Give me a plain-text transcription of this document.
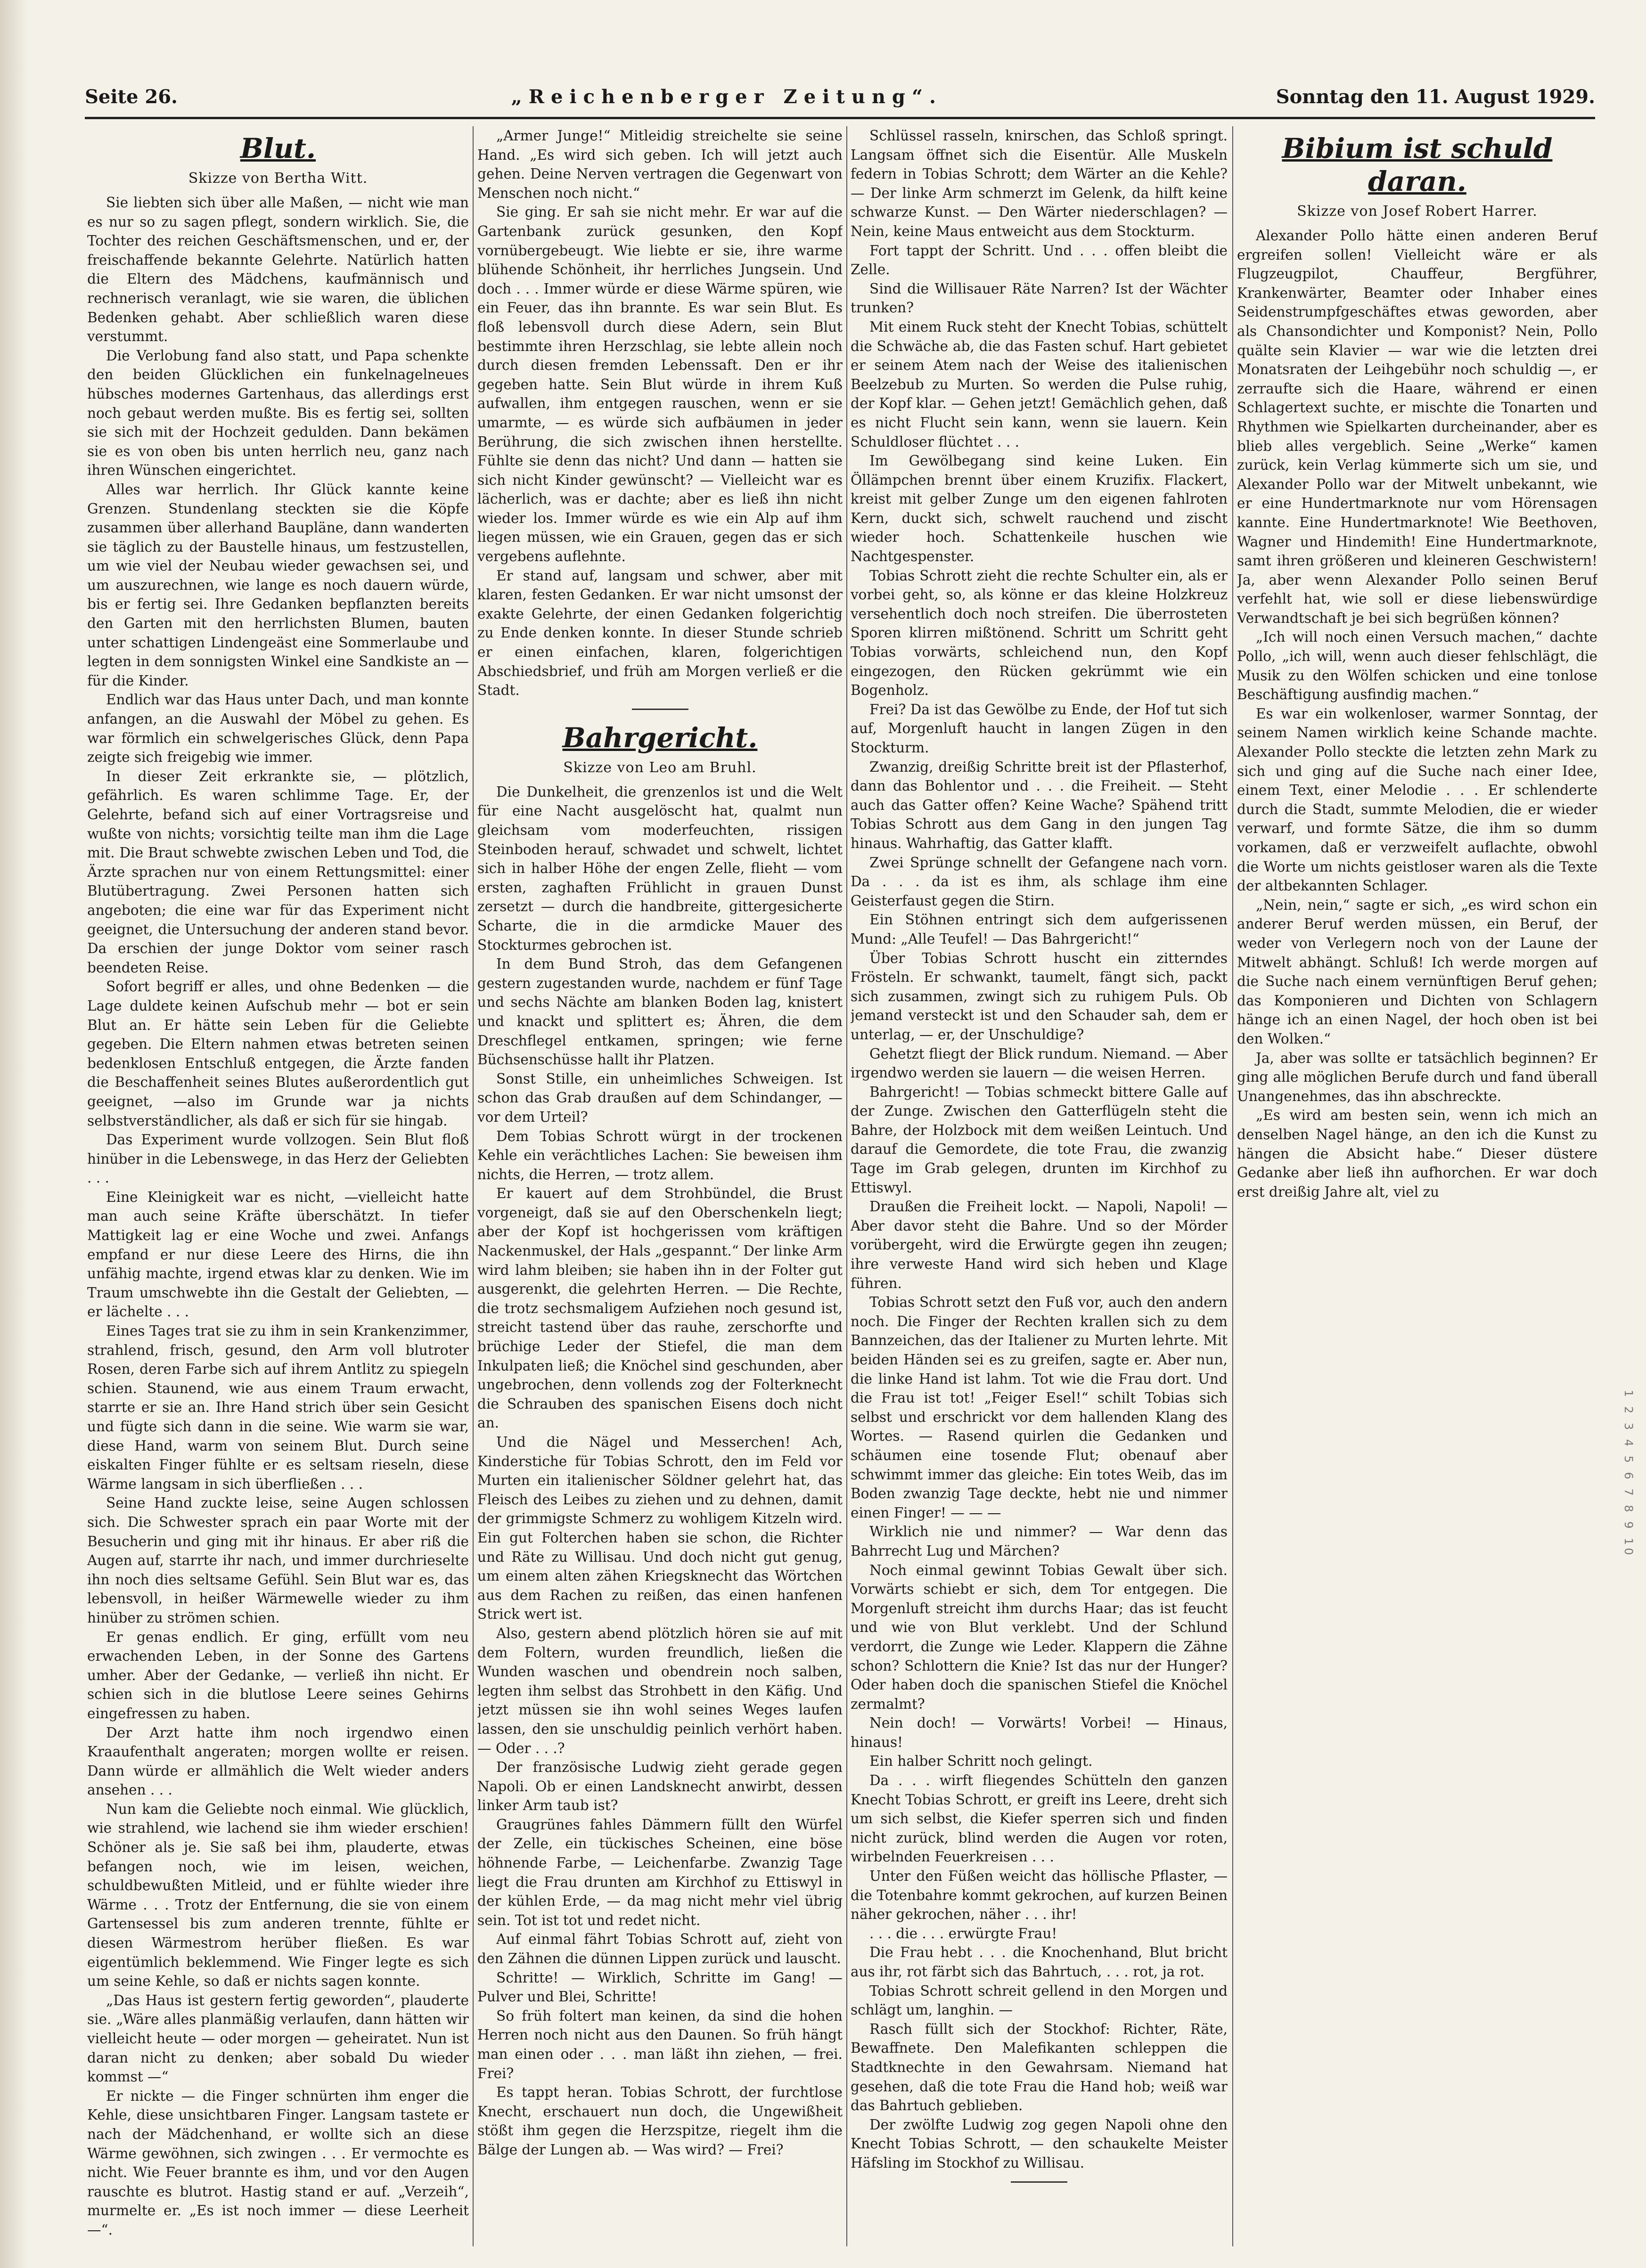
Seite 26.	„Reichenberger Zeitung“.	Sonntag den 11. August 1929.
Blut.
Skizze von Bertha Witt.

Sie liebten sich über alle Maßen, — nicht wie man es nur so zu sagen pflegt, sondern wirklich. Sie, die Tochter des reichen Geschäftsmenschen, und er, der freischaffende bekannte Gelehrte. Natürlich hatten die Eltern des Mädchens, kaufmännisch und rechnerisch veranlagt, wie sie waren, die üblichen Bedenken gehabt. Aber schließlich waren diese verstummt.

Die Verlobung fand also statt, und Papa schenkte den beiden Glücklichen ein funkelnagelneues hübsches modernes Gartenhaus, das allerdings erst noch gebaut werden mußte. Bis es fertig sei, sollten sie sich mit der Hochzeit gedulden. Dann bekämen sie es von oben bis unten herrlich neu, ganz nach ihren Wünschen eingerichtet.

Alles war herrlich. Ihr Glück kannte keine Grenzen. Stundenlang steckten sie die Köpfe zusammen über allerhand Baupläne, dann wanderten sie täglich zu der Baustelle hinaus, um festzustellen, um wie viel der Neubau wieder gewachsen sei, und um auszurechnen, wie lange es noch dauern würde, bis er fertig sei. Ihre Gedanken bepflanzten bereits den Garten mit den herrlichsten Blumen, bauten unter schattigen Lindengeäst eine Sommerlaube und legten in dem sonnigsten Winkel eine Sandkiste an — für die Kinder.

Endlich war das Haus unter Dach, und man konnte anfangen, an die Auswahl der Möbel zu gehen. Es war förmlich ein schwelgerisches Glück, denn Papa zeigte sich freigebig wie immer.

In dieser Zeit erkrankte sie, — plötzlich, gefährlich. Es waren schlimme Tage. Er, der Gelehrte, befand sich auf einer Vortragsreise und wußte von nichts; vorsichtig teilte man ihm die Lage mit. Die Braut schwebte zwischen Leben und Tod, die Ärzte sprachen nur von einem Rettungsmittel: einer Blutübertragung. Zwei Personen hatten sich angeboten; die eine war für das Experiment nicht geeignet, die Untersuchung der anderen stand bevor. Da erschien der junge Doktor vom seiner rasch beendeten Reise.

Sofort begriff er alles, und ohne Bedenken — die Lage duldete keinen Aufschub mehr — bot er sein Blut an. Er hätte sein Leben für die Geliebte gegeben. Die Eltern nahmen etwas betreten seinen bedenklosen Entschluß entgegen, die Ärzte fanden die Beschaffenheit seines Blutes außerordentlich gut geeignet, —also im Grunde war ja nichts selbstverständlicher, als daß er sich für sie hingab.

Das Experiment wurde vollzogen. Sein Blut floß hinüber in die Lebenswege, in das Herz der Geliebten . . .

Eine Kleinigkeit war es nicht, —vielleicht hatte man auch seine Kräfte überschätzt. In tiefer Mattigkeit lag er eine Woche und zwei. Anfangs empfand er nur diese Leere des Hirns, die ihn unfähig machte, irgend etwas klar zu denken. Wie im Traum umschwebte ihn die Gestalt der Geliebten, — er lächelte . . .

Eines Tages trat sie zu ihm in sein Krankenzimmer, strahlend, frisch, gesund, den Arm voll blutroter Rosen, deren Farbe sich auf ihrem Antlitz zu spiegeln schien. Staunend, wie aus einem Traum erwacht, starrte er sie an. Ihre Hand strich über sein Gesicht und fügte sich dann in die seine. Wie warm sie war, diese Hand, warm von seinem Blut. Durch seine eiskalten Finger fühlte er es seltsam rieseln, diese Wärme langsam in sich überfließen . . .

Seine Hand zuckte leise, seine Augen schlossen sich. Die Schwester sprach ein paar Worte mit der Besucherin und ging mit ihr hinaus. Er aber riß die Augen auf, starrte ihr nach, und immer durchrieselte ihn noch dies seltsame Gefühl. Sein Blut war es, das lebensvoll, in heißer Wärmewelle wieder zu ihm hinüber zu strömen schien.

Er genas endlich. Er ging, erfüllt vom neu erwachenden Leben, in der Sonne des Gartens umher. Aber der Gedanke, — verließ ihn nicht. Er schien sich in die blutlose Leere seines Gehirns eingefressen zu haben.

Der Arzt hatte ihm noch irgendwo einen Kraaufenthalt angeraten; morgen wollte er reisen. Dann würde er allmählich die Welt wieder anders ansehen . . .

Nun kam die Geliebte noch einmal. Wie glücklich, wie strahlend, wie lachend sie ihm wieder erschien! Schöner als je. Sie saß bei ihm, plauderte, etwas befangen noch, wie im leisen, weichen, schuldbewußten Mitleid, und er fühlte wieder ihre Wärme . . . Trotz der Entfernung, die sie von einem Gartensessel bis zum anderen trennte, fühlte er diesen Wärmestrom herüber fließen. Es war eigentümlich beklemmend. Wie Finger legte es sich um seine Kehle, so daß er nichts sagen konnte.

„Das Haus ist gestern fertig geworden“, plauderte sie. „Wäre alles planmäßig verlaufen, dann hätten wir vielleicht heute — oder morgen — geheiratet. Nun ist daran nicht zu denken; aber sobald Du wieder kommst —“

Er nickte — die Finger schnürten ihm enger die Kehle, diese unsichtbaren Finger. Langsam tastete er nach der Mädchenhand, er wollte sich an diese Wärme gewöhnen, sich zwingen . . . Er vermochte es nicht. Wie Feuer brannte es ihm, und vor den Augen rauschte es blutrot. Hastig stand er auf. „Verzeih“, murmelte er. „Es ist noch immer — diese Leerheit —“.

„Armer Junge!“ Mitleidig streichelte sie seine Hand. „Es wird sich geben. Ich will jetzt auch gehen. Deine Nerven vertragen die Gegenwart von Menschen noch nicht.“

Sie ging. Er sah sie nicht mehr. Er war auf die Gartenbank zurück gesunken, den Kopf vornübergebeugt. Wie liebte er sie, ihre warme blühende Schönheit, ihr herrliches Jungsein. Und doch . . . Immer würde er diese Wärme spüren, wie ein Feuer, das ihn brannte. Es war sein Blut. Es floß lebensvoll durch diese Adern, sein Blut bestimmte ihren Herzschlag, sie lebte allein noch durch diesen fremden Lebenssaft. Den er ihr gegeben hatte. Sein Blut würde in ihrem Kuß aufwallen, ihm entgegen rauschen, wenn er sie umarmte, — es würde sich aufbäumen in jeder Berührung, die sich zwischen ihnen herstellte. Fühlte sie denn das nicht? Und dann — hatten sie sich nicht Kinder gewünscht? — Vielleicht war es lächerlich, was er dachte; aber es ließ ihn nicht wieder los. Immer würde es wie ein Alp auf ihm liegen müssen, wie ein Grauen, gegen das er sich vergebens auflehnte.

Er stand auf, langsam und schwer, aber mit klaren, festen Gedanken. Er war nicht umsonst der exakte Gelehrte, der einen Gedanken folgerichtig zu Ende denken konnte. In dieser Stunde schrieb er einen einfachen, klaren, folgerichtigen Abschiedsbrief, und früh am Morgen verließ er die Stadt.

Bahrgericht.
Skizze von Leo am Bruhl.

Die Dunkelheit, die grenzenlos ist und die Welt für eine Nacht ausgelöscht hat, qualmt nun gleichsam vom moderfeuchten, rissigen Steinboden herauf, schwadet und schwelt, lichtet sich in halber Höhe der engen Zelle, flieht — vom ersten, zaghaften Frühlicht in grauen Dunst zersetzt — durch die handbreite, gittergesicherte Scharte, die in die armdicke Mauer des Stockturmes gebrochen ist.

In dem Bund Stroh, das dem Gefangenen gestern zugestanden wurde, nachdem er fünf Tage und sechs Nächte am blanken Boden lag, knistert und knackt und splittert es; Ähren, die dem Dreschflegel entkamen, springen; wie ferne Büchsenschüsse hallt ihr Platzen.

Sonst Stille, ein unheimliches Schweigen. Ist schon das Grab draußen auf dem Schindanger, — vor dem Urteil?

Dem Tobias Schrott würgt in der trockenen Kehle ein verächtliches Lachen: Sie beweisen ihm nichts, die Herren, — trotz allem.

Er kauert auf dem Strohbündel, die Brust vorgeneigt, daß sie auf den Oberschenkeln liegt; aber der Kopf ist hochgerissen vom kräftigen Nackenmuskel, der Hals „gespannt.“ Der linke Arm wird lahm bleiben; sie haben ihn in der Folter gut ausgerenkt, die gelehrten Herren. — Die Rechte, die trotz sechsmaligem Aufziehen noch gesund ist, streicht tastend über das rauhe, zerschorfte und brüchige Leder der Stiefel, die man dem Inkulpaten ließ; die Knöchel sind geschunden, aber ungebrochen, denn vollends zog der Folterknecht die Schrauben des spanischen Eisens doch nicht an.

Und die Nägel und Messerchen! Ach, Kinderstiche für Tobias Schrott, den im Feld vor Murten ein italienischer Söldner gelehrt hat, das Fleisch des Leibes zu ziehen und zu dehnen, damit der grimmigste Schmerz zu wohligem Kitzeln wird. Ein gut Folterchen haben sie schon, die Richter und Räte zu Willisau. Und doch nicht gut genug, um einem alten zähen Kriegsknecht das Wörtchen aus dem Rachen zu reißen, das einen hanfenen Strick wert ist.

Also, gestern abend plötzlich hören sie auf mit dem Foltern, wurden freundlich, ließen die Wunden waschen und obendrein noch salben, legten ihm selbst das Strohbett in den Käfig. Und jetzt müssen sie ihn wohl seines Weges laufen lassen, den sie unschuldig peinlich verhört haben. — Oder . . .?

Der französische Ludwig zieht gerade gegen Napoli. Ob er einen Landsknecht anwirbt, dessen linker Arm taub ist?

Graugrünes fahles Dämmern füllt den Würfel der Zelle, ein tückisches Scheinen, eine böse höhnende Farbe, — Leichenfarbe. Zwanzig Tage liegt die Frau drunten am Kirchhof zu Ettiswyl in der kühlen Erde, — da mag nicht mehr viel übrig sein. Tot ist tot und redet nicht.

Auf einmal fährt Tobias Schrott auf, zieht von den Zähnen die dünnen Lippen zurück und lauscht.

Schritte! — Wirklich, Schritte im Gang! — Pulver und Blei, Schritte!

So früh foltert man keinen, da sind die hohen Herren noch nicht aus den Daunen. So früh hängt man einen oder . . . man läßt ihn ziehen, — frei. Frei?

Es tappt heran. Tobias Schrott, der furchtlose Knecht, erschauert nun doch, die Ungewißheit stößt ihm gegen die Herzspitze, riegelt ihm die Bälge der Lungen ab. — Was wird? — Frei?

Schlüssel rasseln, knirschen, das Schloß springt. Langsam öffnet sich die Eisentür. Alle Muskeln federn in Tobias Schrott; dem Wärter an die Kehle? — Der linke Arm schmerzt im Gelenk, da hilft keine schwarze Kunst. — Den Wärter niederschlagen? — Nein, keine Maus entweicht aus dem Stockturm.

Fort tappt der Schritt. Und . . . offen bleibt die Zelle.

Sind die Willisauer Räte Narren? Ist der Wächter trunken?

Mit einem Ruck steht der Knecht Tobias, schüttelt die Schwäche ab, die das Fasten schuf. Hart gebietet er seinem Atem nach der Weise des italienischen Beelzebub zu Murten. So werden die Pulse ruhig, der Kopf klar. — Gehen jetzt! Gemächlich gehen, daß es nicht Flucht sein kann, wenn sie lauern. Kein Schuldloser flüchtet . . .

Im Gewölbegang sind keine Luken. Ein Öllämpchen brennt über einem Kruzifix. Flackert, kreist mit gelber Zunge um den eigenen fahlroten Kern, duckt sich, schwelt rauchend und zischt wieder hoch. Schattenkeile huschen wie Nachtgespenster.

Tobias Schrott zieht die rechte Schulter ein, als er vorbei geht, so, als könne er das kleine Holzkreuz versehentlich doch noch streifen. Die überrosteten Sporen klirren mißtönend. Schritt um Schritt geht Tobias vorwärts, schleichend nun, den Kopf eingezogen, den Rücken gekrümmt wie ein Bogenholz.

Frei? Da ist das Gewölbe zu Ende, der Hof tut sich auf, Morgenluft haucht in langen Zügen in den Stockturm.

Zwanzig, dreißig Schritte breit ist der Pflasterhof, dann das Bohlentor und . . . die Freiheit. — Steht auch das Gatter offen? Keine Wache? Spähend tritt Tobias Schrott aus dem Gang in den jungen Tag hinaus. Wahrhaftig, das Gatter klafft.

Zwei Sprünge schnellt der Gefangene nach vorn. Da . . . da ist es ihm, als schlage ihm eine Geisterfaust gegen die Stirn.

Ein Stöhnen entringt sich dem aufgerissenen Mund: „Alle Teufel! — Das Bahrgericht!“

Über Tobias Schrott huscht ein zitterndes Frösteln. Er schwankt, taumelt, fängt sich, packt sich zusammen, zwingt sich zu ruhigem Puls. Ob jemand versteckt ist und den Schauder sah, dem er unterlag, — er, der Unschuldige?

Gehetzt fliegt der Blick rundum. Niemand. — Aber irgendwo werden sie lauern — die weisen Herren.

Bahrgericht! — Tobias schmeckt bittere Galle auf der Zunge. Zwischen den Gatterflügeln steht die Bahre, der Holzbock mit dem weißen Leintuch. Und darauf die Gemordete, die tote Frau, die zwanzig Tage im Grab gelegen, drunten im Kirchhof zu Ettiswyl.

Draußen die Freiheit lockt. — Napoli, Napoli! — Aber davor steht die Bahre. Und so der Mörder vorübergeht, wird die Erwürgte gegen ihn zeugen; ihre verweste Hand wird sich heben und Klage führen.

Tobias Schrott setzt den Fuß vor, auch den andern noch. Die Finger der Rechten krallen sich zu dem Bannzeichen, das der Italiener zu Murten lehrte. Mit beiden Händen sei es zu greifen, sagte er. Aber nun, die linke Hand ist lahm. Tot wie die Frau dort. Und die Frau ist tot! „Feiger Esel!“ schilt Tobias sich selbst und erschrickt vor dem hallenden Klang des Wortes. — Rasend quirlen die Gedanken und schäumen eine tosende Flut; obenauf aber schwimmt immer das gleiche: Ein totes Weib, das im Boden zwanzig Tage deckte, hebt nie und nimmer einen Finger! — — —

Wirklich nie und nimmer? — War denn das Bahrrecht Lug und Märchen?

Noch einmal gewinnt Tobias Gewalt über sich. Vorwärts schiebt er sich, dem Tor entgegen. Die Morgenluft streicht ihm durchs Haar; das ist feucht und wie von Blut verklebt. Und der Schlund verdorrt, die Zunge wie Leder. Klappern die Zähne schon? Schlottern die Knie? Ist das nur der Hunger? Oder haben doch die spanischen Stiefel die Knöchel zermalmt?

Nein doch! — Vorwärts! Vorbei! — Hinaus, hinaus!

Ein halber Schritt noch gelingt.

Da . . . wirft fliegendes Schütteln den ganzen Knecht Tobias Schrott, er greift ins Leere, dreht sich um sich selbst, die Kiefer sperren sich und finden nicht zurück, blind werden die Augen vor roten, wirbelnden Feuerkreisen . . .

Unter den Füßen weicht das höllische Pflaster, — die Totenbahre kommt gekrochen, auf kurzen Beinen näher gekrochen, näher . . . ihr!

. . . die . . . erwürgte Frau!

Die Frau hebt . . . die Knochenhand, Blut bricht aus ihr, rot färbt sich das Bahrtuch, . . . rot, ja rot.

Tobias Schrott schreit gellend in den Morgen und schlägt um, langhin. —

Rasch füllt sich der Stockhof: Richter, Räte, Bewaffnete. Den Malefikanten schleppen die Stadtknechte in den Gewahrsam. Niemand hat gesehen, daß die tote Frau die Hand hob; weiß war das Bahrtuch geblieben.

Der zwölfte Ludwig zog gegen Napoli ohne den Knecht Tobias Schrott, — den schaukelte Meister Häfsling im Stockhof zu Willisau.

Bibium ist schuld daran.
Skizze von Josef Robert Harrer.

Alexander Pollo hätte einen anderen Beruf ergreifen sollen! Vielleicht wäre er als Flugzeugpilot, Chauffeur, Bergführer, Krankenwärter, Beamter oder Inhaber eines Seidenstrumpfgeschäftes etwas geworden, aber als Chansondichter und Komponist? Nein, Pollo quälte sein Klavier — war wie die letzten drei Monatsraten der Leihgebühr noch schuldig —, er zerraufte sich die Haare, während er einen Schlagertext suchte, er mischte die Tonarten und Rhythmen wie Spielkarten durcheinander, aber es blieb alles vergeblich. Seine „Werke“ kamen zurück, kein Verlag kümmerte sich um sie, und Alexander Pollo war der Mitwelt unbekannt, wie er eine Hundertmarknote nur vom Hörensagen kannte. Eine Hundertmarknote! Wie Beethoven, Wagner und Hindemith! Eine Hundertmarknote, samt ihren größeren und kleineren Geschwistern! Ja, aber wenn Alexander Pollo seinen Beruf verfehlt hat, wie soll er diese liebenswürdige Verwandtschaft je bei sich begrüßen können?

„Ich will noch einen Versuch machen,“ dachte Pollo, „ich will, wenn auch dieser fehlschlägt, die Musik zu den Wölfen schicken und eine tonlose Beschäftigung ausfindig machen.“

Es war ein wolkenloser, warmer Sonntag, der seinem Namen wirklich keine Schande machte. Alexander Pollo steckte die letzten zehn Mark zu sich und ging auf die Suche nach einer Idee, einem Text, einer Melodie . . . Er schlenderte durch die Stadt, summte Melodien, die er wieder verwarf, und formte Sätze, die ihm so dumm vorkamen, daß er verzweifelt auflachte, obwohl die Worte um nichts geistloser waren als die Texte der altbekannten Schlager.

„Nein, nein,“ sagte er sich, „es wird schon ein anderer Beruf werden müssen, ein Beruf, der weder von Verlegern noch von der Laune der Mitwelt abhängt. Schluß! Ich werde morgen auf die Suche nach einem vernünftigen Beruf gehen; das Komponieren und Dichten von Schlagern hänge ich an einen Nagel, der hoch oben ist bei den Wolken.“

Ja, aber was sollte er tatsächlich beginnen? Er ging alle möglichen Berufe durch und fand überall Unangenehmes, das ihn abschreckte.

„Es wird am besten sein, wenn ich mich an denselben Nagel hänge, an den ich die Kunst zu hängen die Absicht habe.“ Dieser düstere Gedanke aber ließ ihn aufhorchen. Er war doch erst dreißig Jahre alt, viel zu

1 2 3 4 5 6 7 8 9 10
